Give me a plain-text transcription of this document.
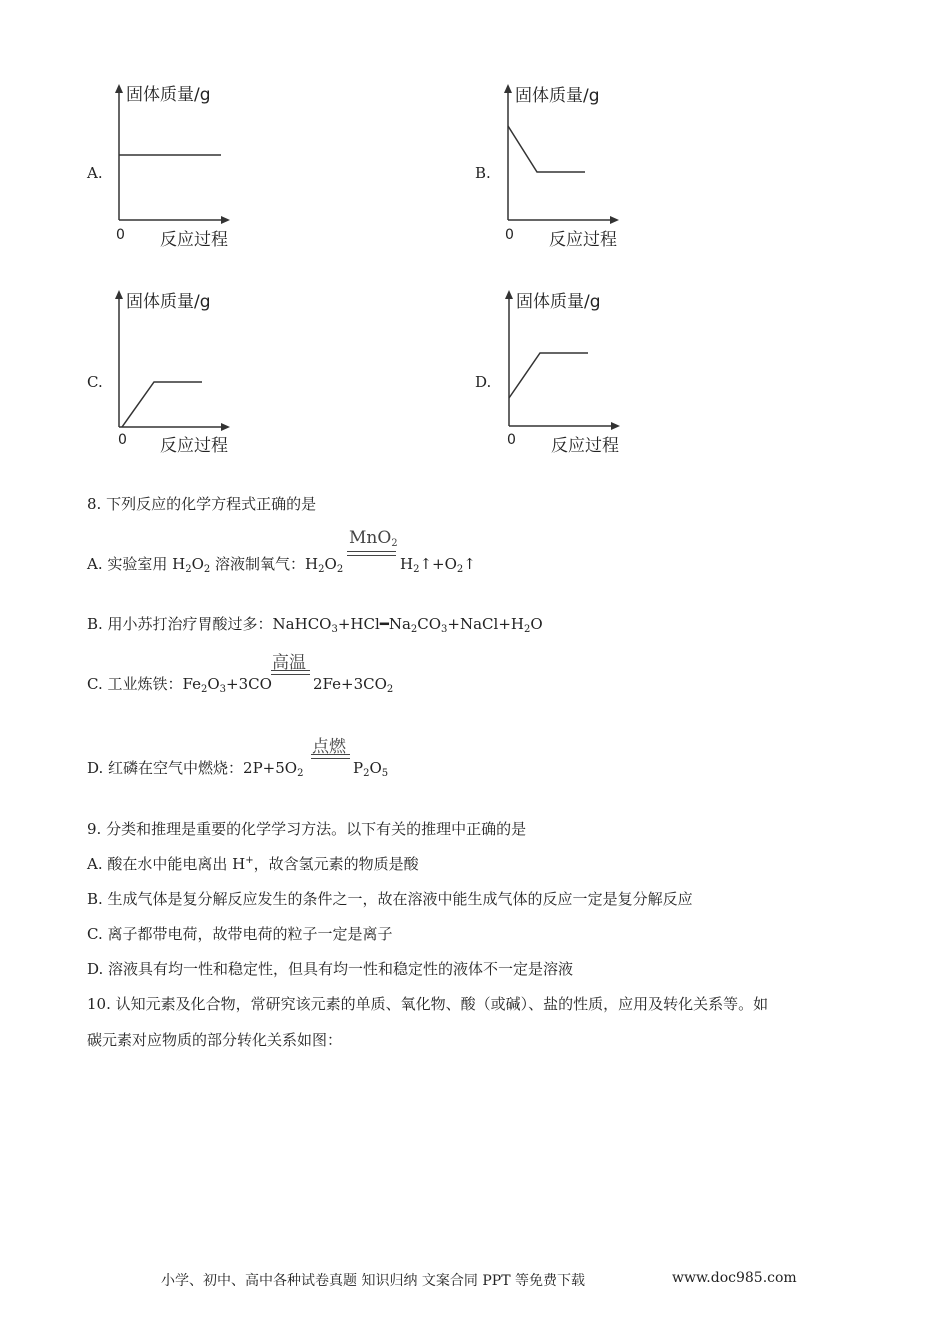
A.
固体质量/g
0 反应过程
B.
固体质量/g
0 反应过程
C.
固体质量/g
0 反应过程
D.
固体质量/g
0 反应过程
8. 下列反应的化学方程式正确的是
MnO$_2$
A. 实验室用 $H_2O_2$ 溶液制氧气：$H_2O_2$	$H_2↑+O_2↑$
B. 用小苏打治疗胃酸过多：$NaHCO_3+HCl━Na_2CO_3+NaCl+H_2O$
高温
C. 工业炼铁：$Fe_2O_3+3CO$	$2Fe+3CO_2$
点燃
D. 红磷在空气中燃烧：$2P+5O_2$	$P_2O_5$
9. 分类和推理是重要的化学学习方法。以下有关的推理中正确的是
A. 酸在水中能电离出 H+，故含氢元素的物质是酸
B. 生成气体是复分解反应发生的条件之一，故在溶液中能生成气体的反应一定是复分解反应
C. 离子都带电荷，故带电荷的粒子一定是离子
D. 溶液具有均一性和稳定性，但具有均一性和稳定性的液体不一定是溶液
10. 认知元素及化合物，常研究该元素的单质、氧化物、酸（或碱）、盐的性质，应用及转化关系等。如
碳元素对应物质的部分转化关系如图：
小学、初中、高中各种试卷真题 知识归纳 文案合同 PPT 等免费下载	www.doc985.com
